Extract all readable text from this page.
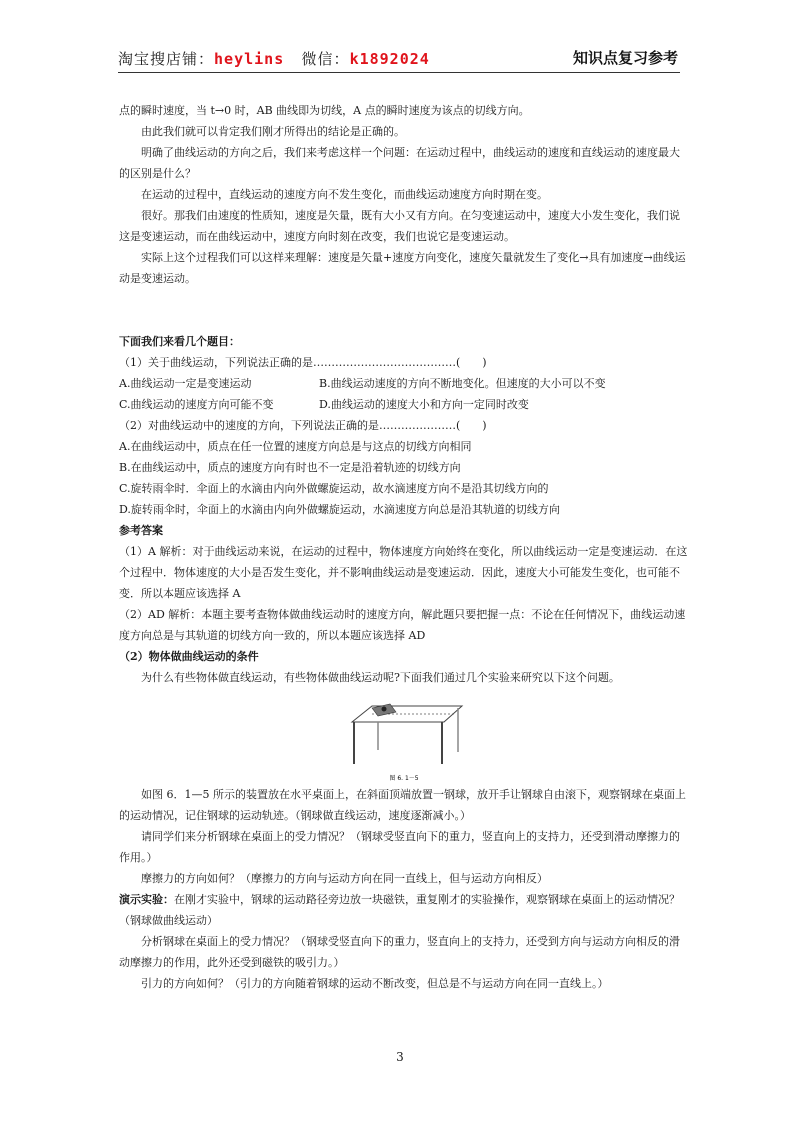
淘宝搜店铺：heylins 微信：k1892024	知识点复习参考

点的瞬时速度，当 t→0 时，AB 曲线即为切线，A 点的瞬时速度为该点的切线方向。

由此我们就可以肯定我们刚才所得出的结论是正确的。

明确了曲线运动的方向之后，我们来考虑这样一个问题：在运动过程中，曲线运动的速度和直线运动的速度最大的区别是什么？

在运动的过程中，直线运动的速度方向不发生变化，而曲线运动速度方向时期在变。

很好。那我们由速度的性质知，速度是矢量，既有大小又有方向。在匀变速运动中，速度大小发生变化，我们说这是变速运动，而在曲线运动中，速度方向时刻在改变，我们也说它是变速运动。

实际上这个过程我们可以这样来理解：速度是矢量+速度方向变化，速度矢量就发生了变化→具有加速度→曲线运动是变速运动。

下面我们来看几个题目：

（1）关于曲线运动，下列说法正确的是…………………………………(　　)

A.曲线运动一定是变速运动	B.曲线运动速度的方向不断地变化。但速度的大小可以不变
C.曲线运动的速度方向可能不变	D.曲线运动的速度大小和方向一定同时改变

（2）对曲线运动中的速度的方向，下列说法正确的是…………………(　　)

A.在曲线运动中，质点在任一位置的速度方向总是与这点的切线方向相同

B.在曲线运动中，质点的速度方向有时也不一定是沿着轨迹的切线方向

C.旋转雨伞时．伞面上的水滴由内向外做螺旋运动，故水滴速度方向不是沿其切线方向的

D.旋转雨伞时，伞面上的水滴由内向外做螺旋运动，水滴速度方向总是沿其轨道的切线方向

参考答案

（1）A 解析：对于曲线运动来说，在运动的过程中，物体速度方向始终在变化，所以曲线运动一定是变速运动．在这个过程中．物体速度的大小是否发生变化，并不影响曲线运动是变速运动．因此，速度大小可能发生变化，也可能不变．所以本题应该选择 A

（2）AD 解析：本题主要考查物体做曲线运动时的速度方向，解此题只要把握一点：不论在任何情况下，曲线运动速度方向总是与其轨道的切线方向一致的，所以本题应该选择 AD

（2）物体做曲线运动的条件

为什么有些物体做直线运动，有些物体做曲线运动呢?下面我们通过几个实验来研究以下这个问题。

图 6. 1－5

如图 6．1—5 所示的装置放在水平桌面上，在斜面顶端放置一钢球，放开手让钢球自由滚下，观察钢球在桌面上的运动情况，记住钢球的运动轨迹。（钢球做直线运动，速度逐渐减小。）

请同学们来分析钢球在桌面上的受力情况？（钢球受竖直向下的重力，竖直向上的支持力，还受到滑动摩擦力的作用。）

摩擦力的方向如何？（摩擦力的方向与运动方向在同一直线上，但与运动方向相反）

演示实验：在刚才实验中，钢球的运动路径旁边放一块磁铁，重复刚才的实验操作，观察钢球在桌面上的运动情况？

（钢球做曲线运动）

分析钢球在桌面上的受力情况？（钢球受竖直向下的重力，竖直向上的支持力，还受到方向与运动方向相反的滑动摩擦力的作用，此外还受到磁铁的吸引力。）

引力的方向如何？（引力的方向随着钢球的运动不断改变，但总是不与运动方向在同一直线上。）

3
